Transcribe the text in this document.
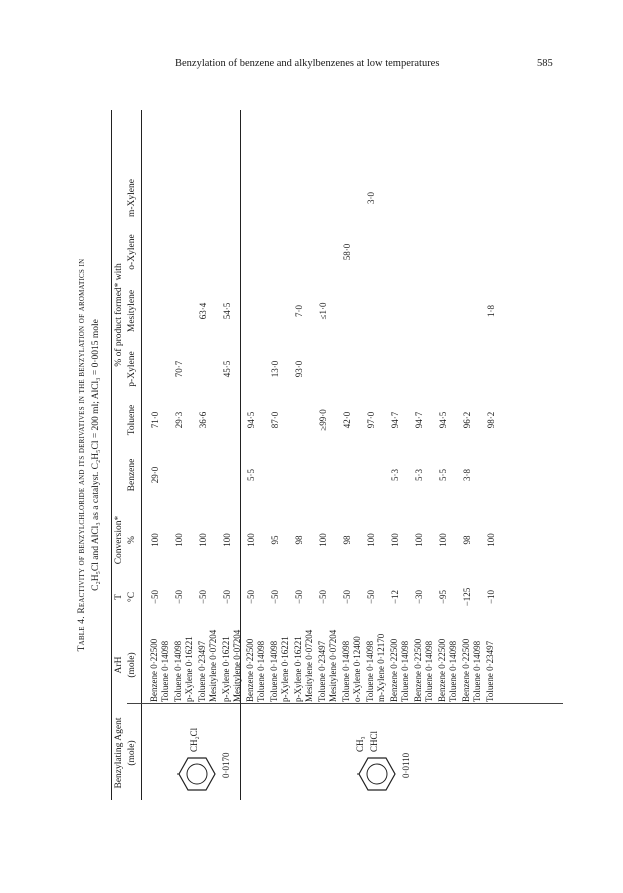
Benzylation of benzene and alkylbenzenes at low temperatures	585
Table 4. Reactivity of benzylchloride and its derivatives in the benzylation of aromatics in C₂H₅Cl and AlCl₃ as a catalyst. C₂H₅Cl = 200 ml; AlCl₃ = 0·0015 mole
Benzylating Agent (mole)
ArH (mole)
T °C
Conversion* %
% of product formed* with
Benzene
Toluene
p-Xylene
Mesitylene
o-Xylene
m-Xylene
Benzene 0·22500 Toluene 0·14098
−50
100
29·0
71·0
Toluene 0·14098 p-Xylene 0·16221
−50
100
29·3
70·7
Toluene 0·23497 Mesitylene 0·07204
−50
100
36·6
63·4
p-Xylene 0·16221 Mesitylene 0·07204
−50
100
45·5
54·5
CH₂Cl
0·0170
Benzene 0·22500 Toluene 0·14098
−50
100
5·5
94·5
Toluene 0·14098 p-Xylene 0·16221
−50
95
87·0
13·0
p-Xylene 0·16221 Mesitylene 0·07204
−50
98
93·0
7·0
Toluene 0·23497 Mesitylene 0·07204
−50
100
≥99·0
≤1·0
Toluene 0·14098 o-Xylene 0·12400
−50
98
42·0
58·0
Toluene 0·14098 m-Xylene 0·12170
−50
100
97·0
3·0
Benzene 0·22500 Toluene 0·14098
−12
100
5·3
94·7
Benzene 0·22500 Toluene 0·14098
−30
100
5·3
94·7
Benzene 0·22500 Toluene 0·14098
−95
100
5·5
94·5
Benzene 0·22500 Toluene 0·14098
−125
98
3·8
96·2
Toluene 0·23497
−10
100
98·2
1·8
CH₃ CHCl
0·0110
